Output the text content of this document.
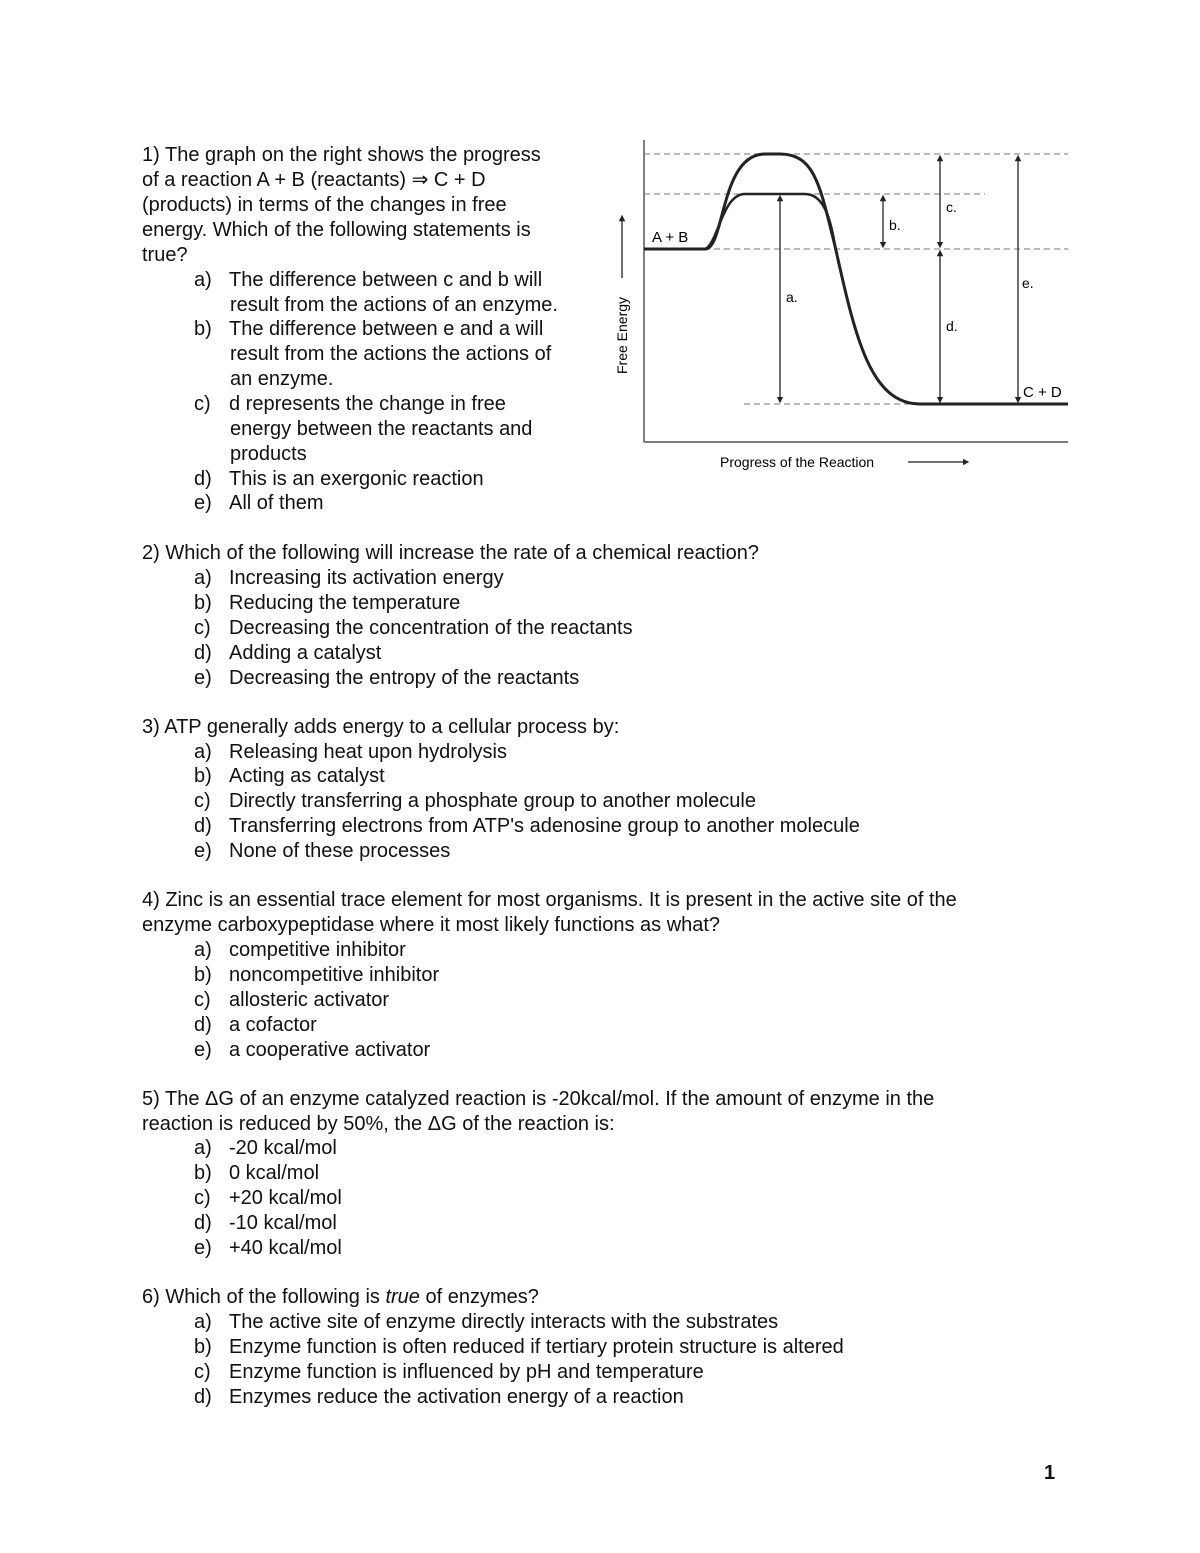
1) The graph on the right shows the progress
of a reaction A + B (reactants) ⇒ C + D
(products) in terms of the changes in free
energy. Which of the following statements is
true?
a) The difference between c and b will
result from the actions of an enzyme.
b) The difference between e and a will
result from the actions the actions of
an enzyme.
c) d represents the change in free
energy between the reactants and
products
d) This is an exergonic reaction
e) All of them
a.
b.
c.
d.
e.
A + B
C + D
Free Energy
Progress of the Reaction
2) Which of the following will increase the rate of a chemical reaction?
a) Increasing its activation energy
b) Reducing the temperature
c) Decreasing the concentration of the reactants
d) Adding a catalyst
e) Decreasing the entropy of the reactants
3) ATP generally adds energy to a cellular process by:
a) Releasing heat upon hydrolysis
b) Acting as catalyst
c) Directly transferring a phosphate group to another molecule
d) Transferring electrons from ATP's adenosine group to another molecule
e) None of these processes
4) Zinc is an essential trace element for most organisms. It is present in the active site of the
enzyme carboxypeptidase where it most likely functions as what?
a) competitive inhibitor
b) noncompetitive inhibitor
c) allosteric activator
d) a cofactor
e) a cooperative activator
5) The ΔG of an enzyme catalyzed reaction is -20kcal/mol. If the amount of enzyme in the
reaction is reduced by 50%, the ΔG of the reaction is:
a) -20 kcal/mol
b) 0 kcal/mol
c) +20 kcal/mol
d) -10 kcal/mol
e) +40 kcal/mol
6) Which of the following is true of enzymes?
a) The active site of enzyme directly interacts with the substrates
b) Enzyme function is often reduced if tertiary protein structure is altered
c) Enzyme function is influenced by pH and temperature
d) Enzymes reduce the activation energy of a reaction
1
